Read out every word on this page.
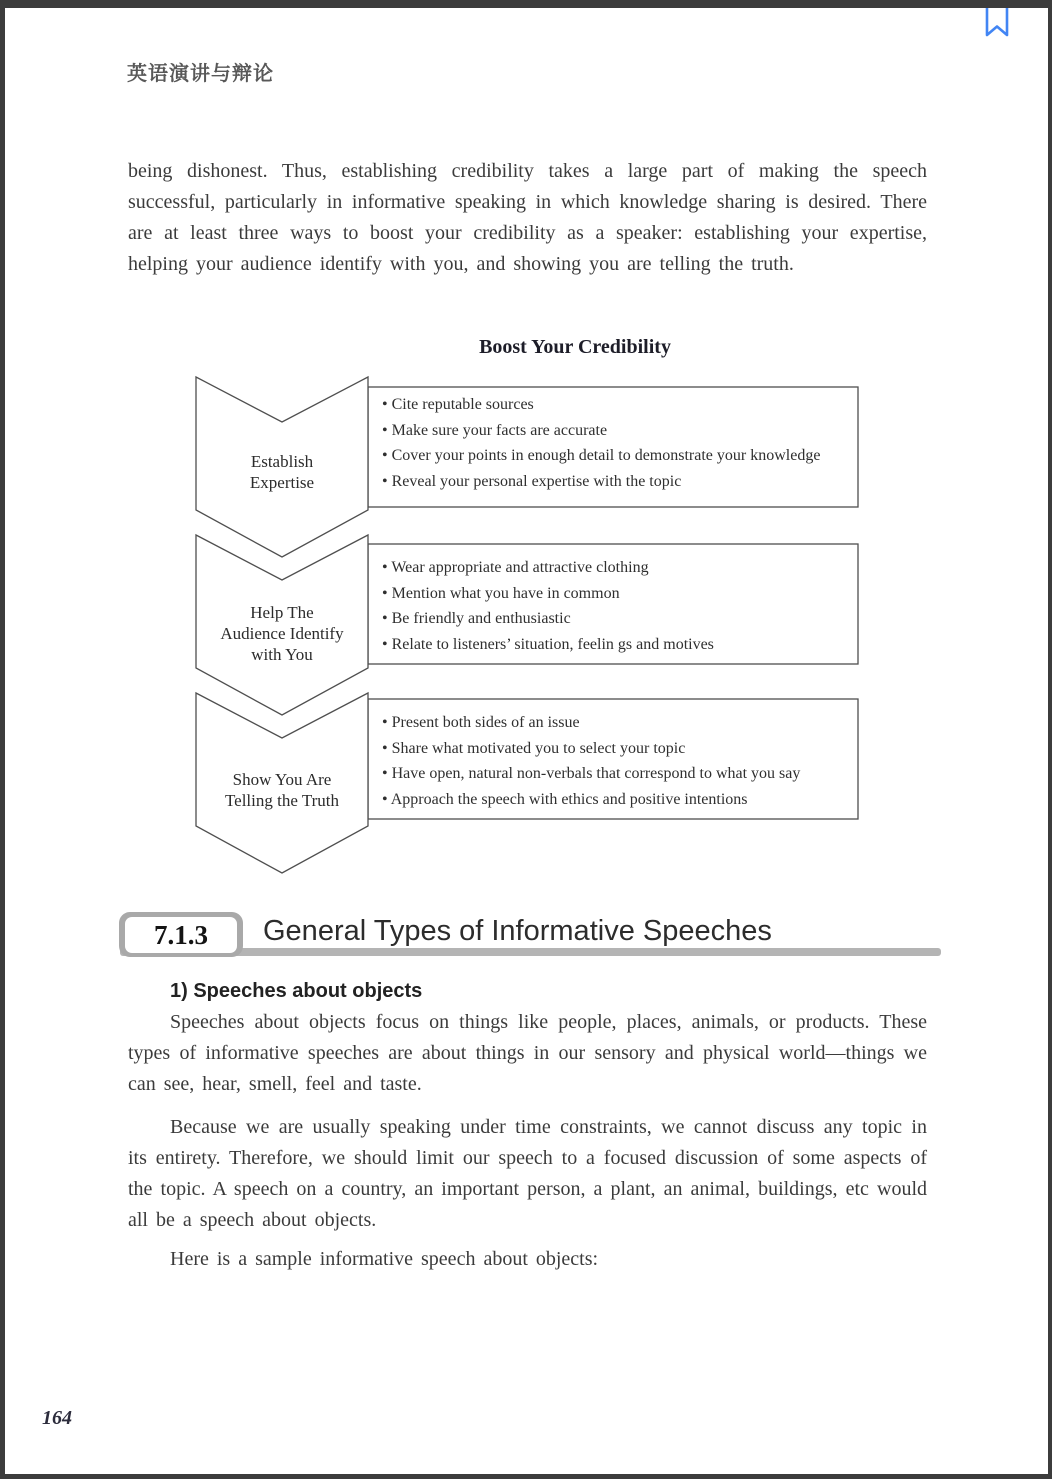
英语演讲与辩论
being dishonest. Thus, establishing credibility takes a large part of making the speech successful, particularly in informative speaking in which knowledge sharing is desired. There are at least three ways to boost your credibility as a speaker: establishing your expertise, helping your audience identify with you, and showing you are telling the truth.
Boost Your Credibility
Establish
Expertise
Help The
Audience Identify
with You
Show You Are
Telling the Truth
• Cite reputable sources
• Make sure your facts are accurate
• Cover your points in enough detail to demonstrate your knowledge
• Reveal your personal expertise with the topic
• Wear appropriate and attractive clothing
• Mention what you have in common
• Be friendly and enthusiastic
• Relate to listeners’ situation, feelin gs and motives
• Present both sides of an issue
• Share what motivated you to select your topic
• Have open, natural non-verbals that correspond to what you say
• Approach the speech with ethics and positive intentions
7.1.3	General Types of Informative Speeches
1) Speeches about objects
Speeches about objects focus on things like people, places, animals, or products. These types of informative speeches are about things in our sensory and physical world—things we can see, hear, smell, feel and taste.
Because we are usually speaking under time constraints, we cannot discuss any topic in its entirety. Therefore, we should limit our speech to a focused discussion of some aspects of the topic. A speech on a country, an important person, a plant, an animal, buildings, etc would all be a speech about objects.
Here is a sample informative speech about objects:
164
